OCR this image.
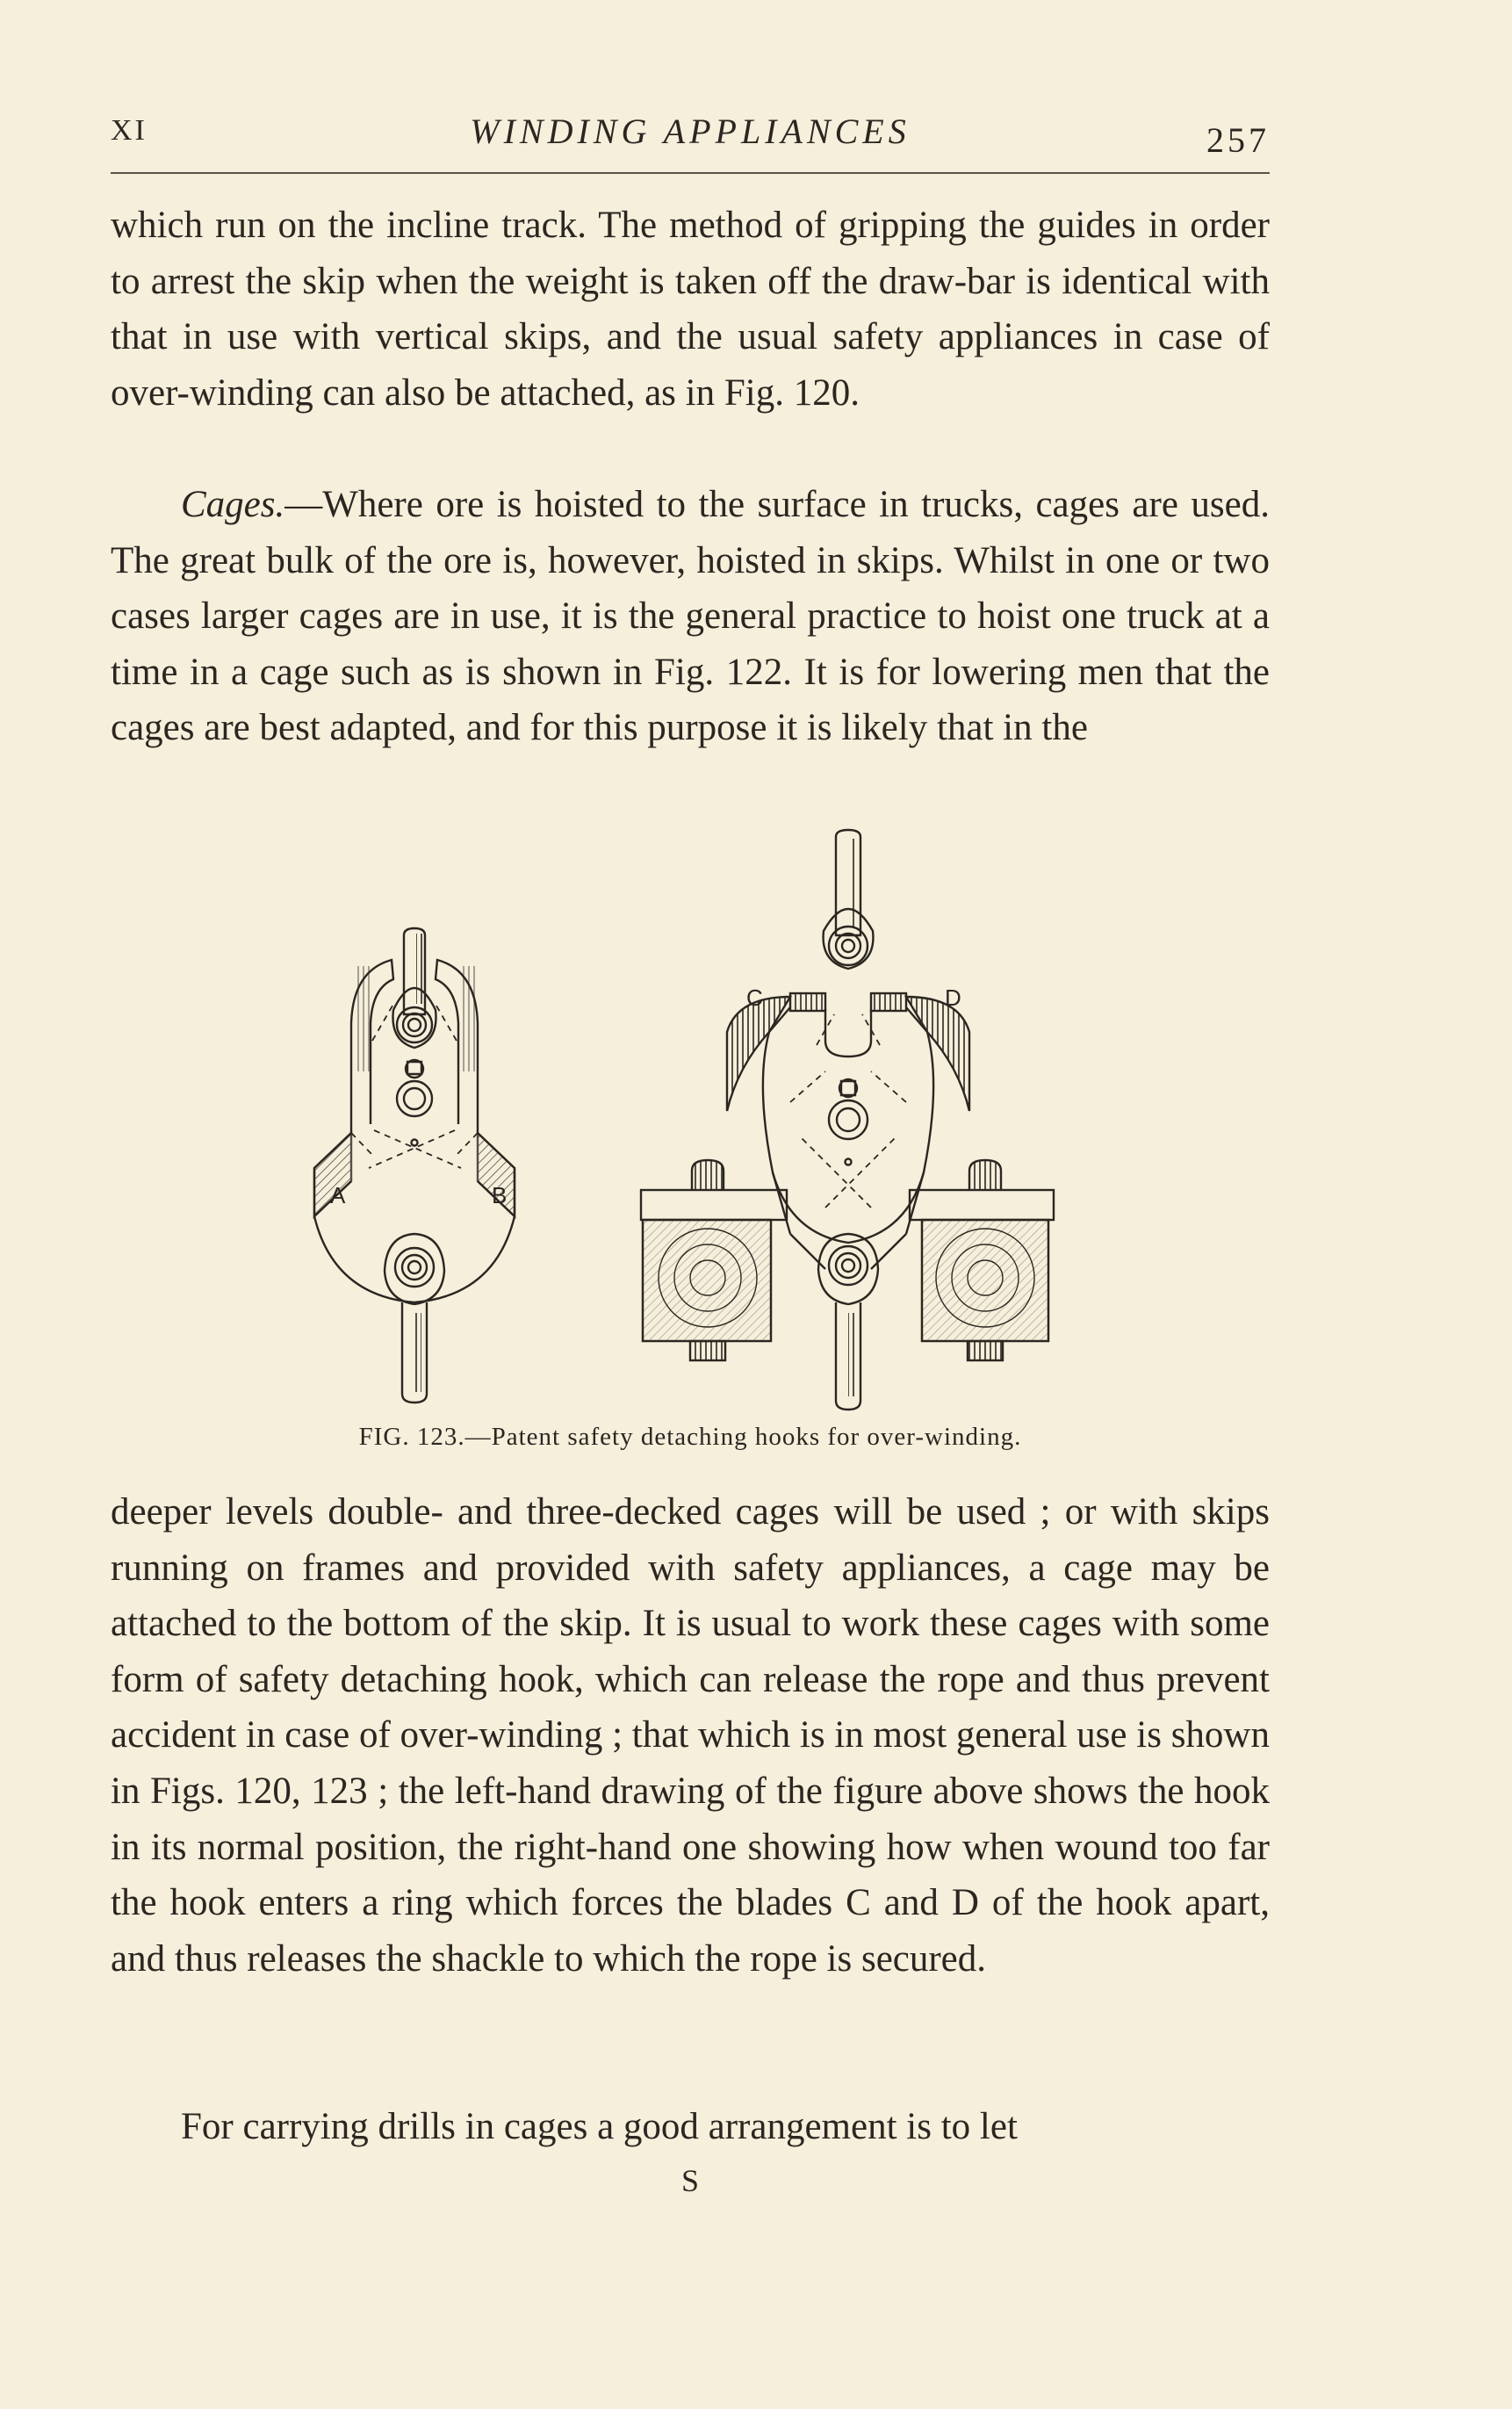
XI	WINDING APPLIANCES	257

which run on the incline track. The method of gripping the guides in order to arrest the skip when the weight is taken off the draw-bar is identical with that in use with vertical skips, and the usual safety appliances in case of over-winding can also be attached, as in Fig. 120.

Cages.—Where ore is hoisted to the surface in trucks, cages are used. The great bulk of the ore is, however, hoisted in skips. Whilst in one or two cases larger cages are in use, it is the general practice to hoist one truck at a time in a cage such as is shown in Fig. 122. It is for lowering men that the cages are best adapted, and for this purpose it is likely that in the

A	B
C	D
FIG. 123.—Patent safety detaching hooks for over-winding.

deeper levels double- and three-decked cages will be used ; or with skips running on frames and provided with safety appliances, a cage may be attached to the bottom of the skip. It is usual to work these cages with some form of safety detaching hook, which can release the rope and thus prevent accident in case of over-winding ; that which is in most general use is shown in Figs. 120, 123 ; the left-hand drawing of the figure above shows the hook in its normal position, the right-hand one showing how when wound too far the hook enters a ring which forces the blades C and D of the hook apart, and thus releases the shackle to which the rope is secured.

For carrying drills in cages a good arrangement is to let

S
